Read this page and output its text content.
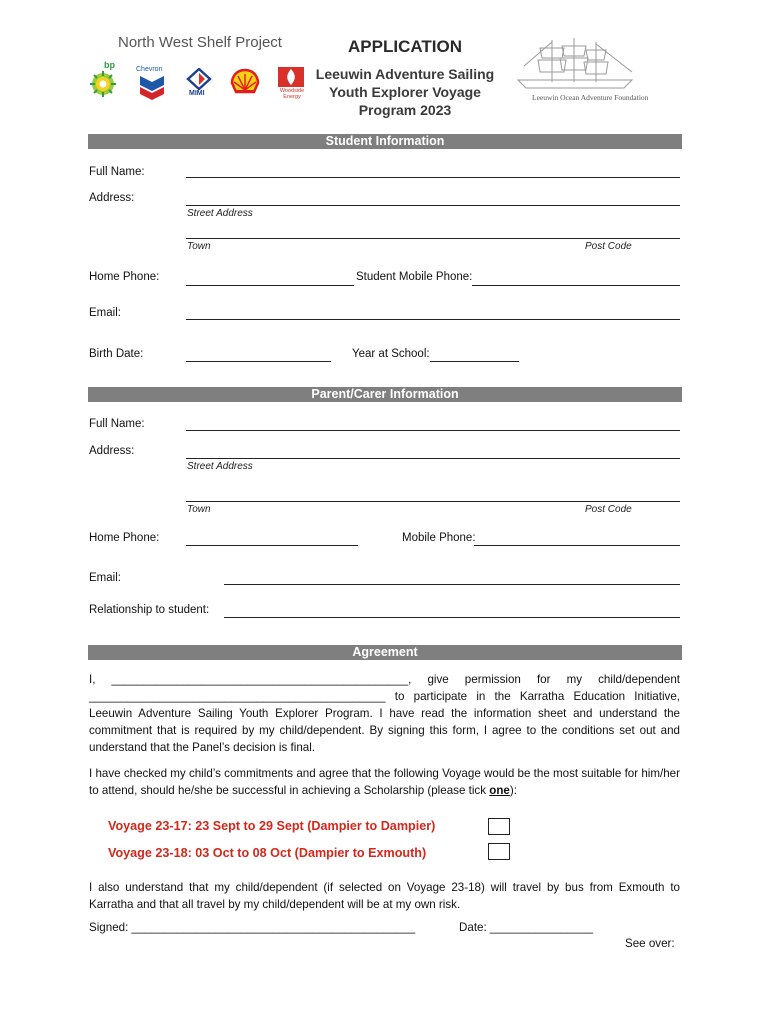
North West Shelf Project	APPLICATION
Leeuwin Adventure Sailing
Youth Explorer Voyage
Program 2023
bp	Chevron
MIMI	Woodside Energy	Leeuwin Ocean Adventure Foundation
Student Information
Full Name:
Address:
Street Address
Town	Post Code
Home Phone:	Student Mobile Phone:
Email:
Birth Date:	Year at School:
Parent/Carer Information
Full Name:
Address:
Street Address
Town	Post Code
Home Phone:	Mobile Phone:
Email:
Relationship to student:
Agreement
I, ______________________________________________, give permission for my child/dependent ______________________________________________ to participate in the Karratha Education Initiative, Leeuwin Adventure Sailing Youth Explorer Program. I have read the information sheet and understand the commitment that is required by my child/dependent. By signing this form, I agree to the conditions set out and understand that the Panel’s decision is final.
I have checked my child’s commitments and agree that the following Voyage would be the most suitable for him/her to attend, should he/she be successful in achieving a Scholarship (please tick one):
Voyage 23-17: 23 Sept to 29 Sept (Dampier to Dampier)
Voyage 23-18: 03 Oct to 08 Oct (Dampier to Exmouth)
I also understand that my child/dependent (if selected on Voyage 23-18) will travel by bus from Exmouth to Karratha and that all travel by my child/dependent will be at my own risk.
Signed: ____________________________________________	Date: ________________
See over:
